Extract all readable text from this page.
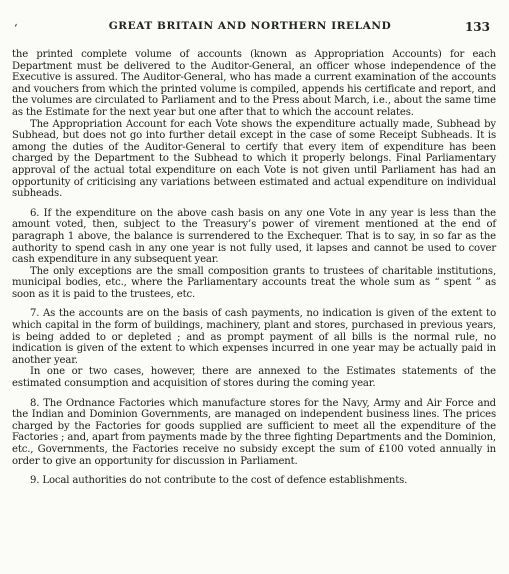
‘	GREAT BRITAIN AND NORTHERN IRELAND	133

the printed complete volume of accounts (known as Appropriation Accounts) for each Department must be delivered to the Auditor-General, an officer whose independence of the Executive is assured. The Auditor-General, who has made a current examination of the accounts and vouchers from which the printed volume is compiled, appends his certificate and report, and the volumes are circulated to Parliament and to the Press about March, i.e., about the same time as the Estimate for the next year but one after that to which the account relates.

The Appropriation Account for each Vote shows the expenditure actually made, Subhead by Subhead, but does not go into further detail except in the case of some Receipt Subheads. It is among the duties of the Auditor-General to certify that every item of expenditure has been charged by the Department to the Subhead to which it properly belongs. Final Parliamentary approval of the actual total expenditure on each Vote is not given until Parliament has had an opportunity of criticising any variations between estimated and actual expenditure on individual subheads.

6. If the expenditure on the above cash basis on any one Vote in any year is less than the amount voted, then, subject to the Treasury’s power of virement mentioned at the end of paragraph 1 above, the balance is surrendered to the Exchequer. That is to say, in so far as the authority to spend cash in any one year is not fully used, it lapses and cannot be used to cover cash expenditure in any subsequent year.

The only exceptions are the small composition grants to trustees of charitable institutions, municipal bodies, etc., where the Parliamentary accounts treat the whole sum as “ spent ” as soon as it is paid to the trustees, etc.

7. As the accounts are on the basis of cash payments, no indication is given of the extent to which capital in the form of buildings, machinery, plant and stores, purchased in previous years, is being added to or depleted ; and as prompt payment of all bills is the normal rule, no indication is given of the extent to which expenses incurred in one year may be actually paid in another year.

In one or two cases, however, there are annexed to the Estimates statements of the estimated consumption and acquisition of stores during the coming year.

8. The Ordnance Factories which manufacture stores for the Navy, Army and Air Force and the Indian and Dominion Governments, are managed on independent business lines. The prices charged by the Factories for goods supplied are sufficient to meet all the expenditure of the Factories ; and, apart from payments made by the three fighting Departments and the Dominion, etc., Governments, the Factories receive no subsidy except the sum of £100 voted annually in order to give an opportunity for discussion in Parliament.

9. Local authorities do not contribute to the cost of defence establishments.
